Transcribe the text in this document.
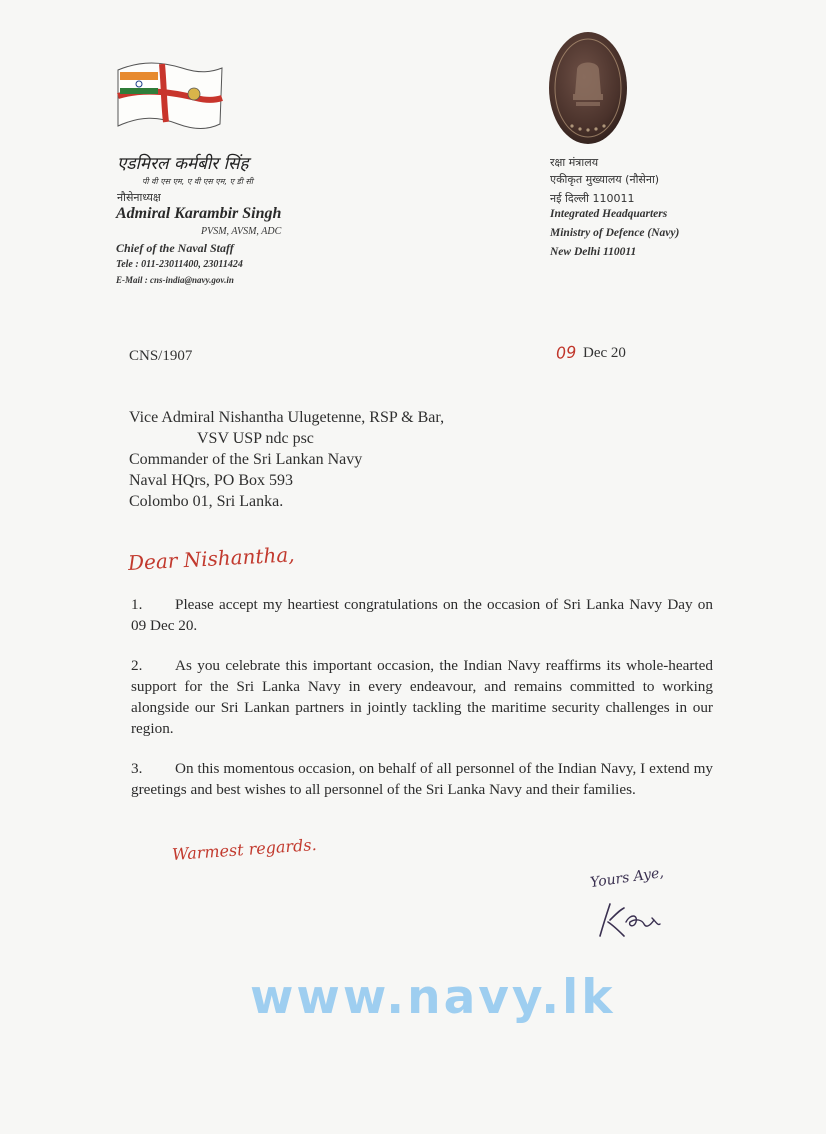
एडमिरल कर्मबीर सिंह
पी वी एस एम, ए वी एस एम, ए डी सी
नौसेनाध्यक्ष
Admiral Karambir Singh
PVSM, AVSM, ADC
Chief of the Naval Staff
Tele : 011-23011400, 23011424
E-Mail : cns-india@navy.gov.in
रक्षा मंत्रालय
एकीकृत मुख्यालय (नौसेना)
नई दिल्ली 110011
Integrated Headquarters
Ministry of Defence (Navy)
New Delhi 110011
CNS/1907	09 Dec 20
Vice Admiral Nishantha Ulugetenne, RSP & Bar,
VSV USP ndc psc
Commander of the Sri Lankan Navy
Naval HQrs, PO Box 593
Colombo 01, Sri Lanka.
Dear Nishantha,
1. Please accept my heartiest congratulations on the occasion of Sri Lanka Navy Day on 09 Dec 20.
2. As you celebrate this important occasion, the Indian Navy reaffirms its whole-hearted support for the Sri Lanka Navy in every endeavour, and remains committed to working alongside our Sri Lankan partners in jointly tackling the maritime security challenges in our region.
3. On this momentous occasion, on behalf of all personnel of the Indian Navy, I extend my greetings and best wishes to all personnel of the Sri Lanka Navy and their families.
Warmest regards.
Yours Aye,
www.navy.lk
